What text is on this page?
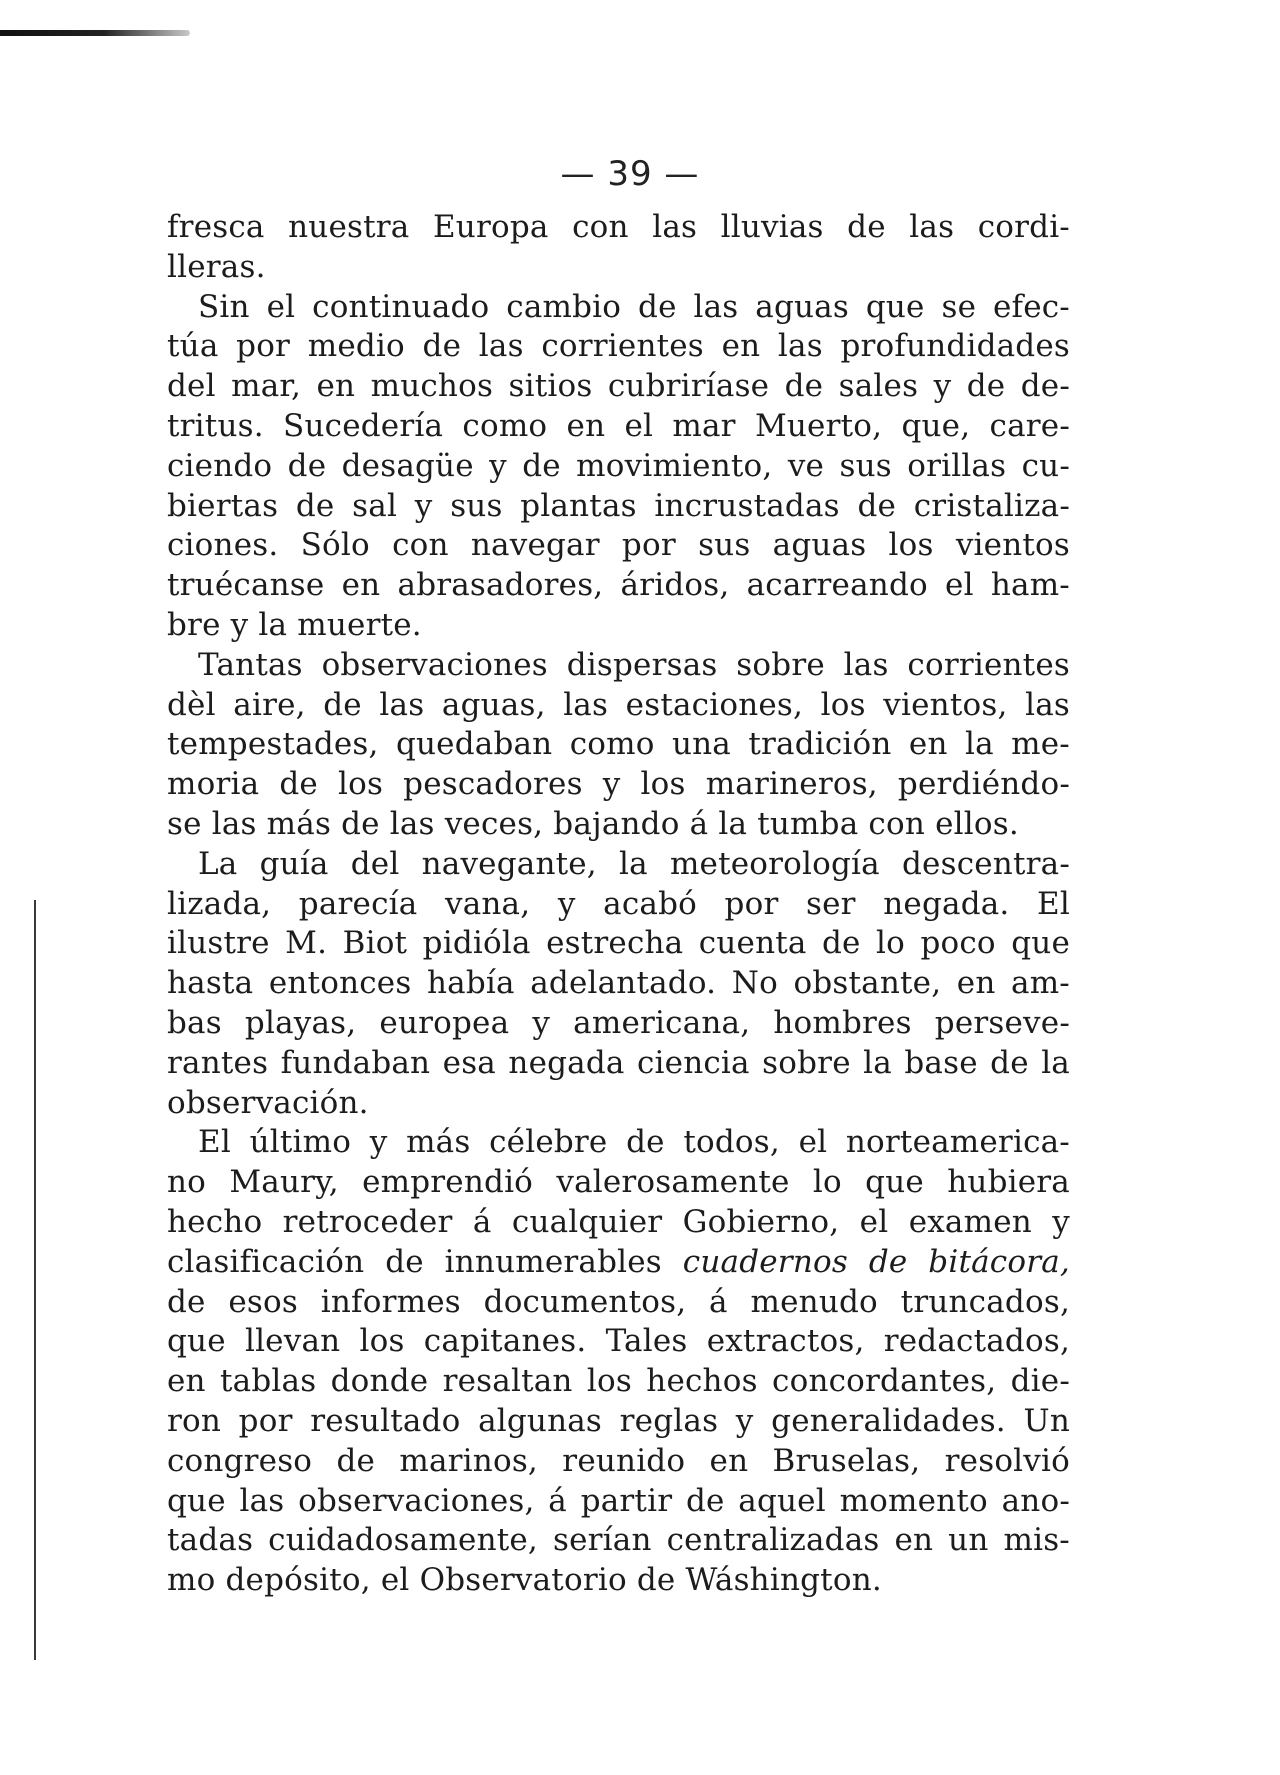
— 39 —
fresca nuestra Europa con las lluvias de las cordi-
lleras.
Sin el continuado cambio de las aguas que se efec-
túa por medio de las corrientes en las profundidades
del mar, en muchos sitios cubriríase de sales y de de-
tritus. Sucedería como en el mar Muerto, que, care-
ciendo de desagüe y de movimiento, ve sus orillas cu-
biertas de sal y sus plantas incrustadas de cristaliza-
ciones. Sólo con navegar por sus aguas los vientos
truécanse en abrasadores, áridos, acarreando el ham-
bre y la muerte.
Tantas observaciones dispersas sobre las corrientes
dèl aire, de las aguas, las estaciones, los vientos, las
tempestades, quedaban como una tradición en la me-
moria de los pescadores y los marineros, perdiéndo-
se las más de las veces, bajando á la tumba con ellos.
La guía del navegante, la meteorología descentra-
lizada, parecía vana, y acabó por ser negada. El
ilustre M. Biot pidióla estrecha cuenta de lo poco que
hasta entonces había adelantado. No obstante, en am-
bas playas, europea y americana, hombres perseve-
rantes fundaban esa negada ciencia sobre la base de la
observación.
El último y más célebre de todos, el norteamerica-
no Maury, emprendió valerosamente lo que hubiera
hecho retroceder á cualquier Gobierno, el examen y
clasificación de innumerables cuadernos de bitácora,
de esos informes documentos, á menudo truncados,
que llevan los capitanes. Tales extractos, redactados,
en tablas donde resaltan los hechos concordantes, die-
ron por resultado algunas reglas y generalidades. Un
congreso de marinos, reunido en Bruselas, resolvió
que las observaciones, á partir de aquel momento ano-
tadas cuidadosamente, serían centralizadas en un mis-
mo depósito, el Observatorio de Wáshington.
